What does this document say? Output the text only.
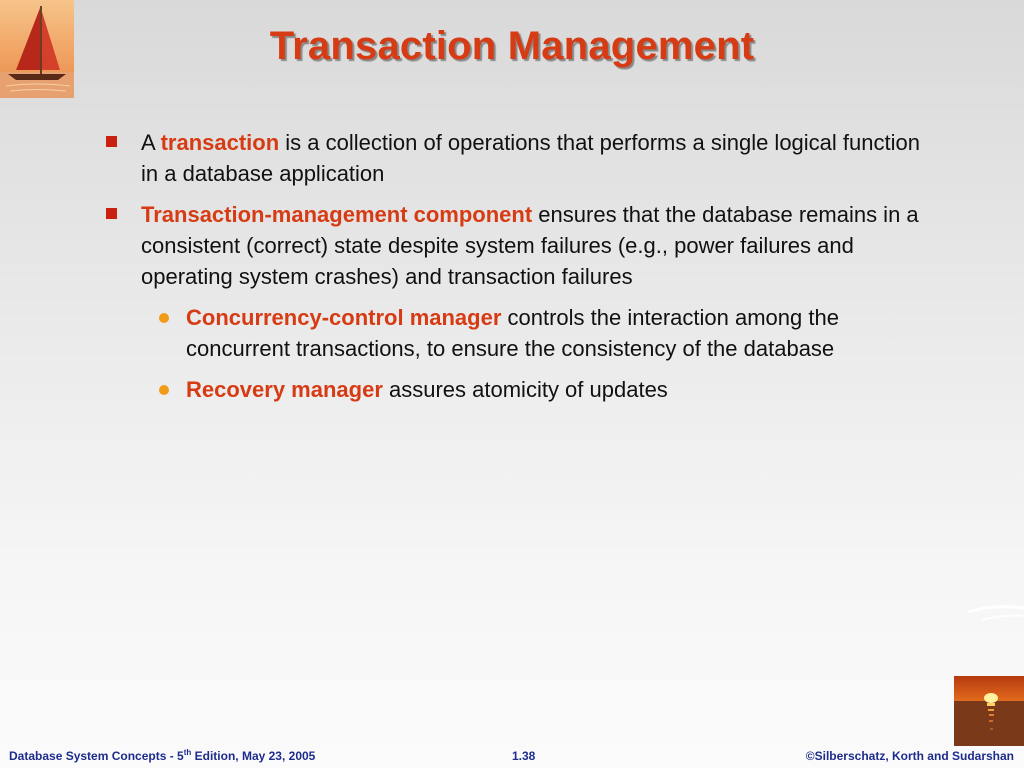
Transaction Management
A transaction is a collection of operations that performs a single logical function in a database application
Transaction-management component ensures that the database remains in a consistent (correct) state despite system failures (e.g., power failures and operating system crashes) and transaction failures
Concurrency-control manager controls the interaction among the concurrent transactions, to ensure the consistency of the database
Recovery manager assures atomicity of updates
Database System Concepts - 5th Edition, May 23, 2005	1.38	©Silberschatz, Korth and Sudarshan
